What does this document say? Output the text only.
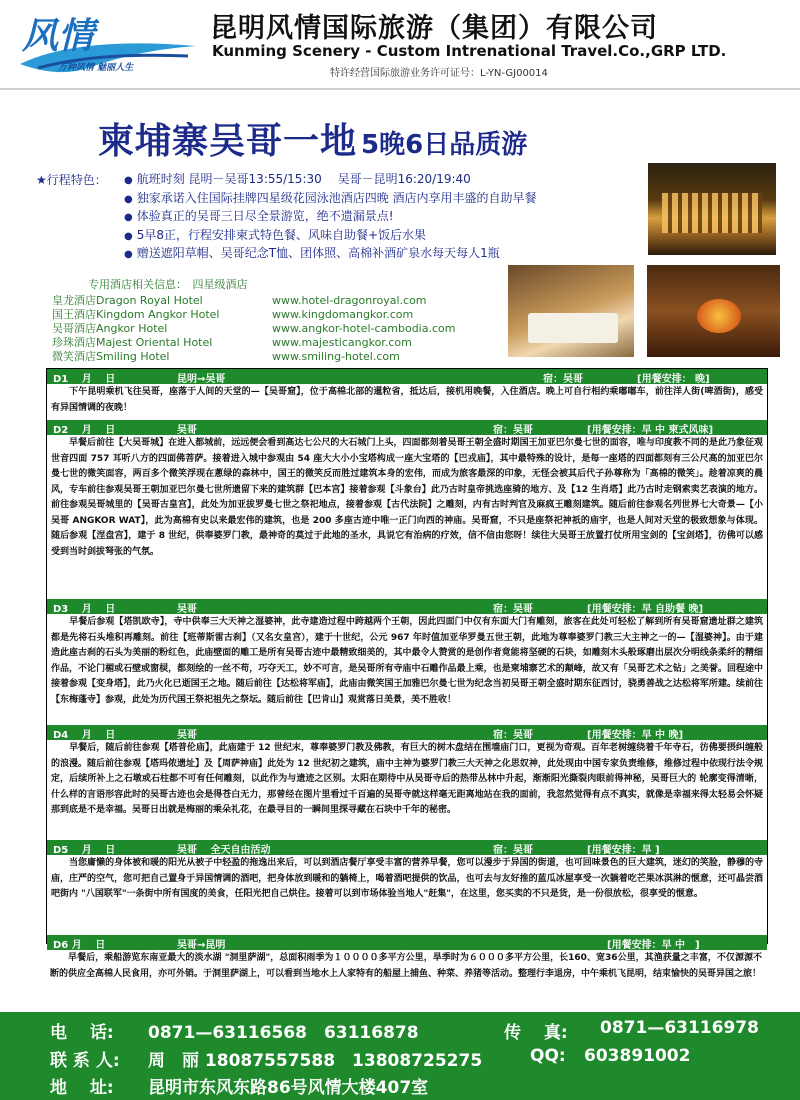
风情
万种风情 魅丽人生
昆明风情国际旅游（集团）有限公司
Kunming Scenery - Custom Intrenational Travel.Co.,GRP LTD.
特许经营国际旅游业务许可证号：L-YN-GJ00014
柬埔寨吴哥一地 5晚6日品质游
★行程特色：
●	航班时刻 昆明－吴哥13:55/15:30　 吴哥－昆明16:20/19:40
● 独家承诺入住国际挂牌四星级花园泳池酒店四晚 酒店内享用丰盛的自助早餐
● 体验真正的吴哥三日尽全景游览，绝不遗漏景点!
● 5早8正，行程安排柬式特色餐、风味自助餐+饭后水果
● 赠送遮阳草帽、吴哥纪念T恤、团体照、高棉补酒矿泉水每天每人1瓶
专用酒店相关信息：　四星级酒店
皇龙酒店Dragon Royal Hotel	www.hotel-dragonroyal.com
国王酒店Kingdom Angkor Hotel	www.kingdomangkor.com
吴哥酒店Angkor Hotel	www.angkor-hotel-cambodia.com
珍珠酒店Majest Oriental Hotel	www.majesticangkor.com
微笑酒店Smiling Hotel	www.smiling-hotel.com
D1　 月　 日	昆明→吴哥	宿：吴哥	[用餐安排： 晚]
　　下午昆明乘机飞往吴哥，座落于人间的天堂的—【吴哥窟】，位于高棉北部的暹粒省，抵达后，接机用晚餐，入住酒店。晚上可自行相约乘嘟嘟车，前往洋人街(啤酒街)，感受有异国情调的夜晚！
D2　 月　 日	吴哥	宿：吴哥	[用餐安排：早 中 柬式风味]
　　早餐后前往【大吴哥城】在进入都城前，远远便会看到高达七公尺的大石城门上头，四面都刻着吴哥王朝全盛时期国王加亚巴尔曼七世的面容，唯与印度教不同的是此乃象征观世音四面 757 耳听八方的四面佛菩萨。接着进入城中参观由 54 座大大小小宝塔构成一座大宝塔的【巴戎庙】，其中最特殊的设计，是每一座塔的四面都刻有三公尺高的加亚巴尔曼七世的微笑面容，两百多个微笑浮现在蔥绿的森林中，国王的微笑反而胜过建筑本身的宏伟，而成为旅客最深的印象，无怪会被其后代子孙尊称为「高棉的微笑」。趁着凉爽的晨风，专车前往参观吴哥王朝加亚巴尔曼七世所遗留下来的建筑群【巴本宫】接着参观【斗象台】此乃古时皇帝挑选座骑的地方、及【12 生肖塔】此乃古时走钢索卖艺表演的地方。前往参观吴哥城里的【吴哥古皇宫】，此处为加亚拔罗曼七世之祭祀地点，接着参观【古代法院】之雕刻，内有古时判官及麻疯王雕刻建筑。随后前往参观名列世界七大奇景—【小吴哥 ANGKOR WAT】，此为高棉有史以来最宏伟的建筑，也是 200 多座古迹中唯一正门向西的神庙。吴哥窟，不只是座祭祀神祇的庙宇，也是人间对天堂的极致想象与体现。随后参观【涅盘宫】，建于 8 世纪，供奉婆罗门教，最神奇的莫过于此地的圣水，具说它有治病的疗效，信不信由您呀！续往大吴哥王放置打仗所用宝剑的【宝剑塔】，彷佛可以感受到当时剑拔弩张的气氛。
D3　 月　 日	吴哥	宿：吴哥	[用餐安排：早 自助餐 晚]
　　早餐后参观【塔凯欧寺】，寺中供奉三大天神之湿婆神，此寺建造过程中跨越两个王朝，因此四面门中仅有东面大门有雕刻，旅客在此处可轻松了解到所有吴哥窟遗址群之建筑都是先将石头堆积再雕刻。前往【班蒂斯雷古刹】（又名女皇宫），建于十世纪，公元 967 年时值加亚华罗曼五世王朝，此地为尊奉婆罗门教三大主神之一的—【湿婆神】。由于建造此座古刹的石头为美丽的粉红色，此庙壁面的雕工是所有吴哥古迹中最精致细美的，其中最令人赞赏的是创作者竟能将坚硬的石块，如雕刻木头般琢磨出层次分明线条柔纤的精细作品，不论门楣或石壁或窗棂，都刻绘的一丝不苟，巧夺天工，妙不可言，是吴哥所有寺庙中石雕作品最上乘，也是柬埔寨艺术的颠峰，故又有「吴哥艺术之钻」之美誉。回程途中接着参观【变身塔】，此乃火化已逝国王之地。随后前往【达松将军庙】，此庙由微笑国王加雅巴尔曼七世为纪念当初吴哥王朝全盛时期东征西讨，骁勇善战之达松将军所建。续前往【东梅蓬寺】参观，此处为历代国王祭祀祖先之祭坛。随后前往【巴肯山】观赏落日美景，美不胜收！
D4　 月　 日	吴哥	宿：吴哥	[用餐安排：早 中 晚]
　　早餐后，随后前往参观【塔普伦庙】，此庙建于 12 世纪末，尊奉婆罗门教及佛教，有巨大的树木盘结在围墙庙门口，更视为奇观。百年老树缠绕着千年寺石，彷佛要摂纠缠般的浪漫。随后前往参观【塔玛侬遗址】及【周萨神庙】此处为 12 世纪初之建筑，庙中主神为婆罗门教三大天神之化思奴神，此处现由中国专家负责维修，维修过程中依现行法令规定，后续所补上之石墩或石柱都不可有任何雕刻，以此作为与遗迹之区别。太阳在期待中从吴哥寺后的热带丛林中升起，渐渐阳光撕裂肉眼前得神秘，吴哥巨大的 轮廓变得清晰，什么样的言语形容此时的吴哥古迹也会是得苍白无力，那曾经在图片里看过千百遍的吴哥寺就这样毫无距离地站在我的面前，我忽然觉得有点不真实，就像是幸福来得太轻易会怀疑那到底是不是幸福。吴哥日出就是梅丽的乘朵礼花，在最寻目的一瞬间里探寻藏在石块中千年的秘密。
D5　 月　 日	吴哥　 全天自由活动	宿：吴哥	[用餐安排：早 ]
　　当您庸懒的身体被和暖的阳光从被子中轻盈的拖逸出来后，可以到酒店餐厅享受丰富的营养早餐，您可以漫步于异国的街道，也可回味景色的巨大建筑，迷幻的笑脸，静穆的寺庙，庄严的空气，您可把自己置身于异国情调的酒吧，把身体放到暖和的躺椅上，喝着酒吧提供的饮品，也可去与友好推的蓝瓜冰屋享受一次躺着吃芒果冰淇淋的惬意，还可晶尝酒吧街内 "八国联军"一条街中所有国度的美食，任阳光把自己烘住。接着可以到市场体验当地人"赶集"，在这里，您买卖的不只是货，是一份很放松，很享受的惬意。
D6 月　 日	吴哥→昆明	[用餐安排：早 中　]
　　早餐后，乘船游览东南亚最大的淡水湖 "洞里萨湖"，总面积雨季为１００００多平方公里，旱季时为６０００多平方公里，长160、宽36公里，其渔获量之丰富，不仅源源不断的供应全高棉人民食用，亦可外销。于洞里萨湖上，可以看到当地水上人家特有的船屋上捕鱼、种菜、养猪等活动。整理行李退房，中午乘机飞昆明，结束愉快的吴哥异国之旅！
电　 话: 0871—63116568　63116878	传　 真: 0871—63116978
联 系 人: 周　丽 18087557588　13808725275	QQ: 603891002
地　 址: 昆明市东风东路86号风情大楼407室
